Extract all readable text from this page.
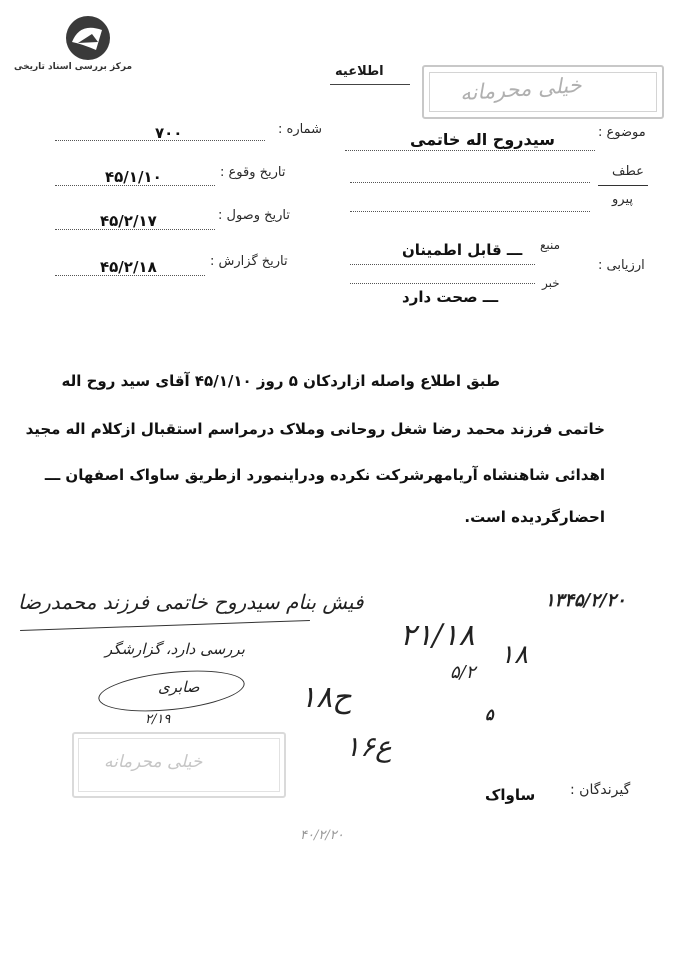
مرکز بررسی اسناد تاریخی	اطلاعیه
خیلی محرمانه
شماره :
۷۰۰
تاریخ وقوع :
۴۵/۱/۱۰
تاریخ وصول :
۴۵/۲/۱۷
تاریخ گزارش :
۴۵/۲/۱۸
موضوع :
سیدروح اله خاتمی
عطف
پیرو
ارزیابی :
منبع
ـــ قابل اطمینان
خبر
ـــ صحت دارد
طبق اطلاع واصله ازاردکان ۵ روز ۴۵/۱/۱۰ آقای سید روح اله
خاتمی فرزند محمد رضا شغل روحانی وملاک درمراسم استقبال ازکلام اله مجید
اهدائی شاهنشاه آریامهرشرکت نکرده ودراینمورد ازطریق ساواک اصفهان ـــ
احضارگردیده است.
۱۳۴۵/۲/۲۰
فیش بنام سیدروح خاتمی فرزند محمدرضا
بررسی دارد، گزارشگر
صابری
۲/۱۹
۲۱/۱۸
۵/۲
۱۸
۵
ح۱۸
ع۱۶
خیلی محرمانه
گیرندگان :
ساواک
۴۰/۲/۲۰
